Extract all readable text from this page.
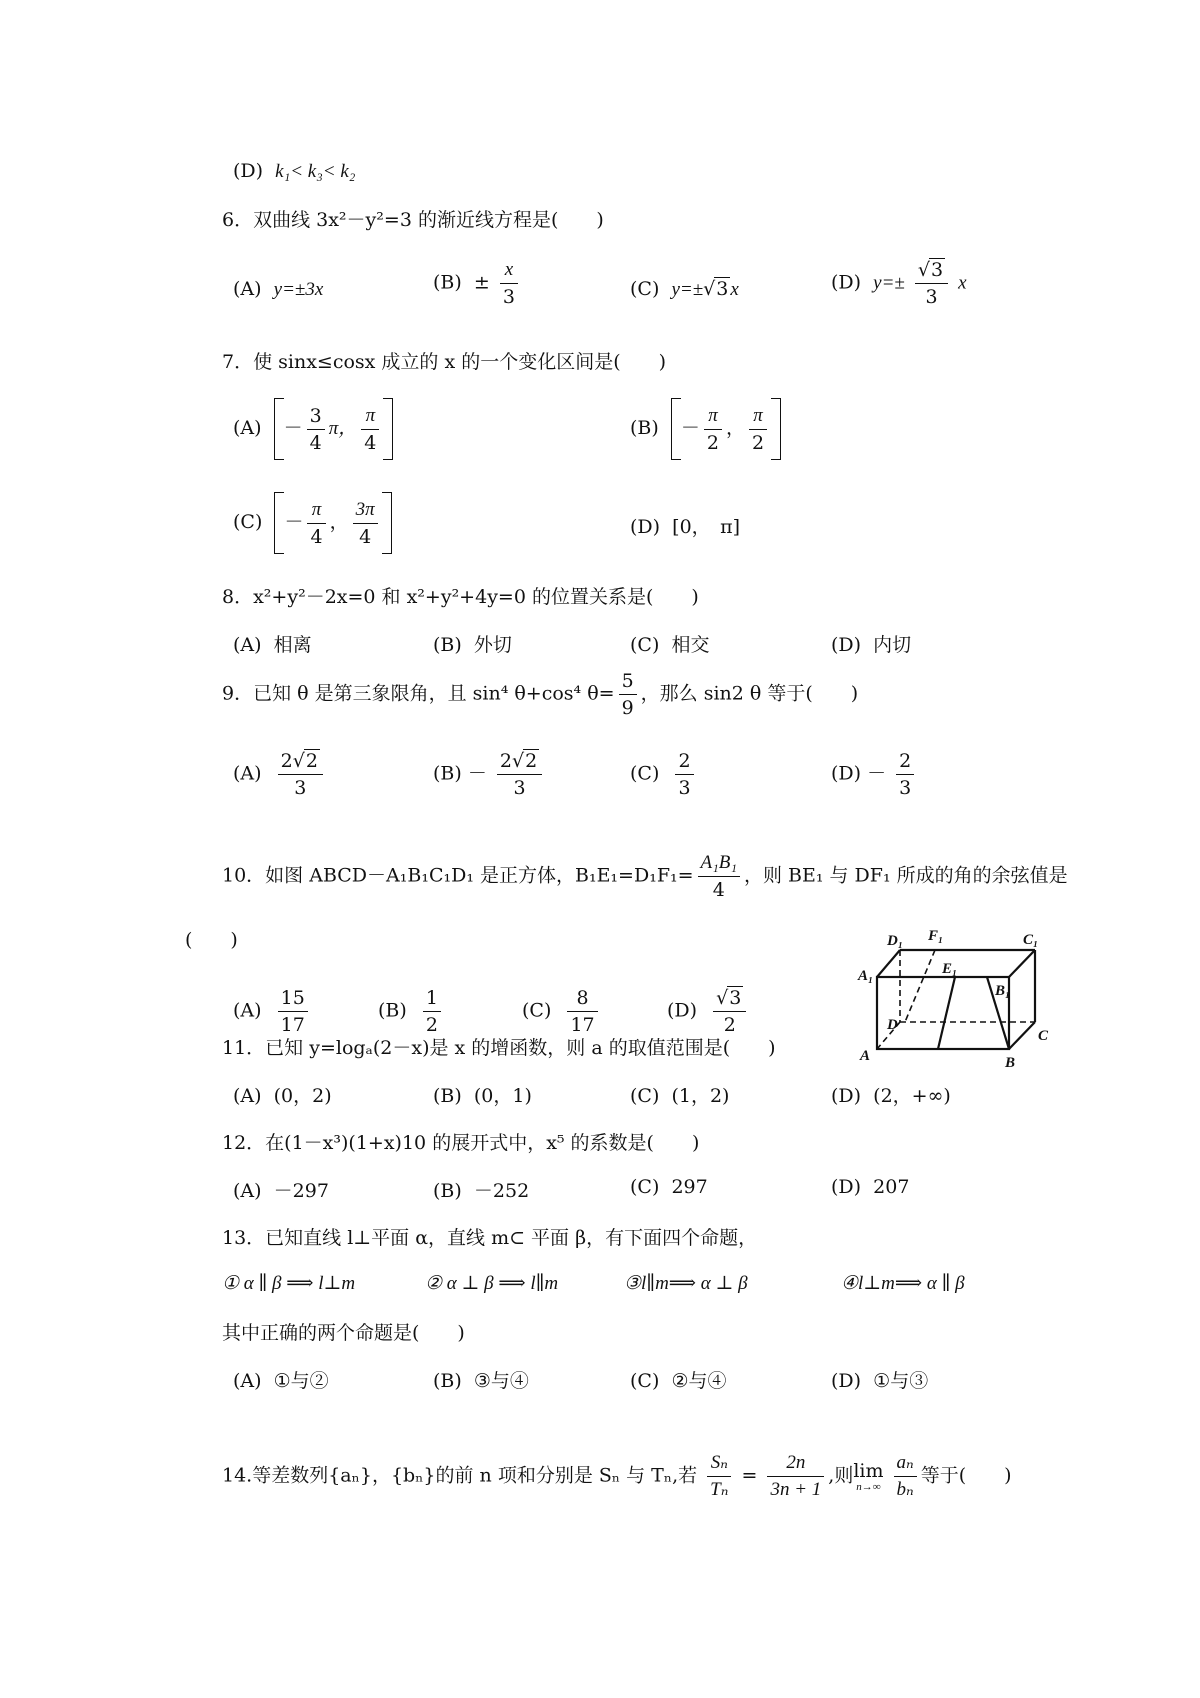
(D) k₁< k₃< k₂
6．双曲线 3x²－y²=3 的渐近线方程是(　　)
(A) y=±3x	$(B) \pm \frac{x}{3}$	(C) y=±√3 x	(D) $y=\pm \frac{√3}{3}$ x
7．使 sinx≤cosx 成立的 x 的一个变化区间是(　　)
$(A) - \frac{3}{4}$ π， $\frac{\pi}{4}$	$(B) - \frac{\pi}{2}$ ， $\frac{\pi}{2}$
$(C) - \frac{\pi}{4}$ ， $\frac{3\pi}{4}$	(D) [0，　π]
8．x²+y²－2x=0 和 x²+y²+4y=0 的位置关系是(　　)
(A) 相离	(B) 外切	(C) 相交	(D) 内切
9．已知 θ 是第三象限角，且 sin⁴ θ+cos⁴ $\theta= \frac{5}{9}$ ，那么 sin2 θ 等于(　　)
$(A) \frac{2√2}{3}$	$(B) - \frac{2√2}{3}$	$(C) \frac{2}{3}$	$(D) - \frac{2}{3}$
10．如图 ABCD－A₁B₁C₁D₁ 是正方体，$B_1E_1=D_1F_1= \frac{\text{A₁B₁}}{4}$ ，则 BE₁ 与 DF₁ 所成的角的余弦值是
(　　)
$(A) \frac{15}{17}$	$(B) \frac{1}{2}$	$(C) \frac{8}{17}$	$(D) \frac{√3}{2}$
D₁ F₁	C₁
A₁	E₁
B₁
D
C
A	B
11．已知 y=logₐ(2－x)是 x 的增函数，则 a 的取值范围是(　　)
(A) (0，2)	(B) (0，1)	(C) (1，2)	(D) (2，+∞)
12．在(1－x³)(1+x)10 的展开式中，x⁵ 的系数是(　　)
(A) －297	(B) －252	(C) 297	(D) 207
13．已知直线 l⊥平面 α，直线 m⊂ 平面 β，有下面四个命题，
① α ∥ β ⟹ l⊥m	② α ⊥ β ⟹ l∥m	③l∥m⟹ α ⊥ β	④l⊥m⟹ α ∥ β
其中正确的两个命题是(　　)
(A) ①与②	(B) ③与④	(C) ②与④	(D) ①与③
14.等差数列{aₙ}，{bₙ}的前 n 项和分别是 Sₙ 与 Tₙ,若 $\frac{\text{Sₙ}}{\text{Tₙ}} = \frac{2n}{3n + 1}$ ,则lim
n→∞
$\frac{\text{aₙ}}{\text{bₙ}}$ 等于(　　)
